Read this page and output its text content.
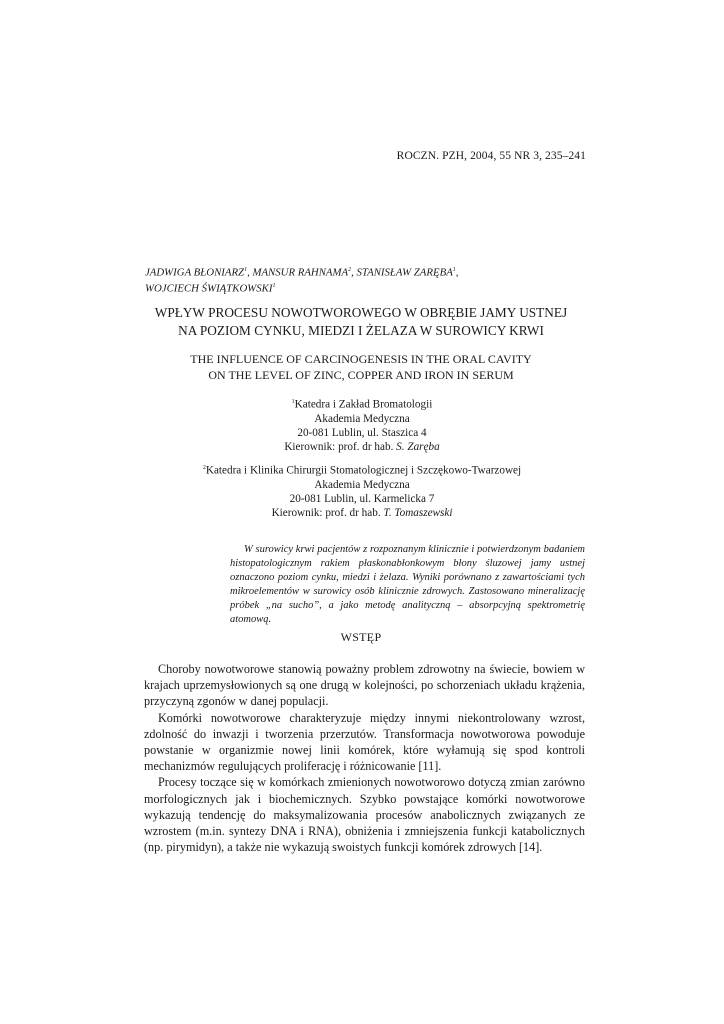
ROCZN. PZH, 2004, 55 NR 3, 235–241
JADWIGA BŁONIARZ$^1$, MANSUR RAHNAMA$^2$, STANISŁAW ZARĘBA$^1$,
WOJCIECH ŚWIĄTKOWSKI$^1$
WPŁYW PROCESU NOWOTWOROWEGO W OBRĘBIE JAMY USTNEJ
NA POZIOM CYNKU, MIEDZI I ŻELAZA W SUROWICY KRWI
THE INFLUENCE OF CARCINOGENESIS IN THE ORAL CAVITY
ON THE LEVEL OF ZINC, COPPER AND IRON IN SERUM
$^1$Katedra i Zakład Bromatologii
Akademia Medyczna
20-081 Lublin, ul. Staszica 4
Kierownik: prof. dr hab. S. Zaręba
$^2$Katedra i Klinika Chirurgii Stomatologicznej i Szczękowo-Twarzowej
Akademia Medyczna
20-081 Lublin, ul. Karmelicka 7
Kierownik: prof. dr hab. T. Tomaszewski
W surowicy krwi pacjentów z rozpoznanym klinicznie i potwierdzonym badaniem histopatologicznym rakiem płaskonabłonkowym błony śluzowej jamy ustnej oznaczono poziom cynku, miedzi i żelaza. Wyniki porównano z zawartościami tych mikroelementów w surowicy osób klinicznie zdrowych. Zastosowano mineralizację próbek „na sucho”, a jako metodę analityczną – absorpcyjną spektrometrię atomową.
WSTĘP

Choroby nowotworowe stanowią poważny problem zdrowotny na świecie, bowiem w krajach uprzemysłowionych są one drugą w kolejności, po schorzeniach układu krążenia, przyczyną zgonów w danej populacji.

Komórki nowotworowe charakteryzuje między innymi niekontrolowany wzrost, zdolność do inwazji i tworzenia przerzutów. Transformacja nowotworowa powoduje powstanie w organizmie nowej linii komórek, które wyłamują się spod kontroli mechanizmów regulujących proliferację i różnicowanie [11].

Procesy toczące się w komórkach zmienionych nowotworowo dotyczą zmian zarówno morfologicznych jak i biochemicznych. Szybko powstające komórki nowotworowe wykazują tendencję do maksymalizowania procesów anabolicznych związanych ze wzrostem (m.in. syntezy DNA i RNA), obniżenia i zmniejszenia funkcji katabolicznych (np. pirymidyn), a także nie wykazują swoistych funkcji komórek zdrowych [14].
